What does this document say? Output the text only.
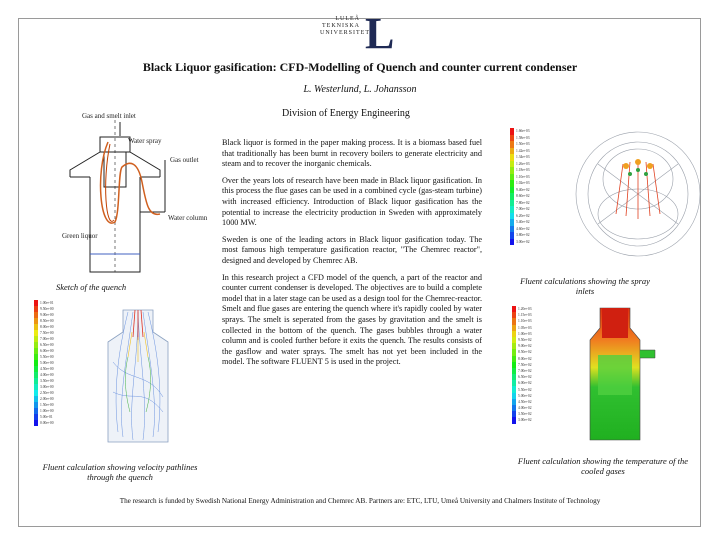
LULEÅ
TEKNISKA
UNIVERSITET
L
Black Liquor gasification: CFD-Modelling of Quench and counter current condenser
L. Westerlund, L. Johansson
Division of Energy Engineering
Gas and smelt inlet
Water spray
Gas outlet
Water column
Green liquor
Sketch of the quench
1.00e+01
9.50e+00
9.00e+00
8.50e+00
8.00e+00
7.50e+00
7.00e+00
6.50e+00
6.00e+00
5.50e+00
5.00e+00
4.50e+00
4.00e+00
3.50e+00
3.00e+00
2.50e+00
2.00e+00
1.50e+00
1.00e+00
5.00e-01
0.00e+00
Fluent calculation showing velocity pathlines through the quench

Black liquor is formed in the paper making process. It is a biomass based fuel that traditionally has been burnt in recovery boilers to generate electricity and steam and to recover the inorganic chemicals.

Over the years lots of research have been made in Black liquor gasification. In this process the flue gases can be used in a combined cycle (gas-steam turbine) with increased efficiency. Introduction of Black liquor gasification has the potential to increase the electricity production in Sweden with approximately 1000 MW.

Sweden is one of the leading actors in Black liquor gasification today. The most famous high temperature gasification reactor, "The Chemrec reactor", designed and developed by Chemrec AB.

In this research project a CFD model of the quench, a part of the reactor and counter current condenser is developed. The objectives are to build a complete model that in a later stage can be used as a design tool for the Chemrec-reactor. Smelt and flue gases are entering the quench where it's rapidly cooled by water sprays. The smelt is seperated from the gases by gravitation and the smelt is collected in the bottom of the quench. The gases bubbles through a water column and is cooled further before it exits the quench. The results consists of the gasflow and water sprays. The smelt has not yet been included in the model. The software FLUENT 5 is used in the project.

1.66e+03
1.58e+03
1.50e+03
1.42e+03
1.34e+03
1.26e+03
1.18e+03
1.10e+03
1.02e+03
9.40e+02
8.60e+02
7.80e+02
7.00e+02
6.20e+02
5.40e+02
4.60e+02
3.80e+02
3.00e+02
Fluent calculations showing the spray inlets
1.20e+03
1.15e+03
1.10e+03
1.05e+03
1.00e+03
9.50e+02
9.00e+02
8.50e+02
8.00e+02
7.50e+02
7.00e+02
6.50e+02
6.00e+02
5.50e+02
5.00e+02
4.50e+02
4.00e+02
3.50e+02
3.00e+02
Fluent calculation showing the temperature of the cooled gases
The research is funded by Swedish National Energy Administration and Chemrec AB. Partners are: ETC, LTU, Umeå University and Chalmers Institute of Technology
